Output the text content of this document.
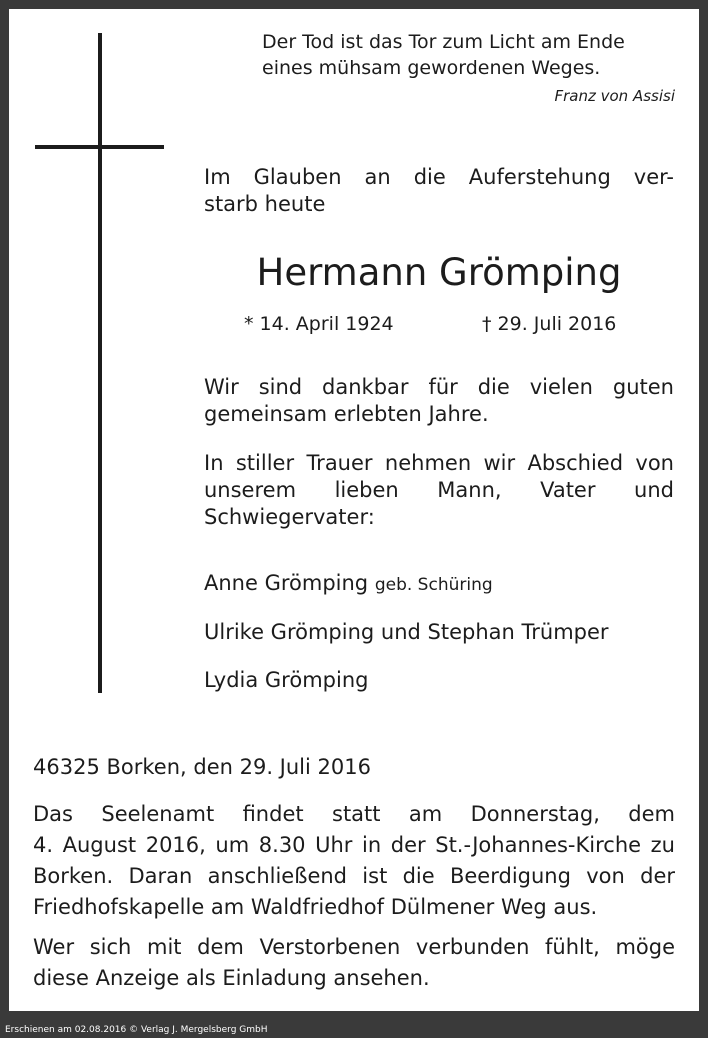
Der Tod ist das Tor zum Licht am Ende
eines mühsam gewordenen Weges.
Franz von Assisi
Im Glauben an die Auferstehung ver-
starb heute
Hermann Grömping
* 14. April 1924	† 29. Juli 2016
Wir sind dankbar für die vielen guten
gemeinsam erlebten Jahre.
In stiller Trauer nehmen wir Abschied von
unserem lieben Mann, Vater und
Schwiegervater:
Anne Grömping geb. Schüring
Ulrike Grömping und Stephan Trümper
Lydia Grömping
46325 Borken, den 29. Juli 2016
Das Seelenamt findet statt am Donnerstag, dem
4. August 2016, um 8.30 Uhr in der St.-Johannes-Kirche zu
Borken. Daran anschließend ist die Beerdigung von der
Friedhofskapelle am Waldfriedhof Dülmener Weg aus.
Wer sich mit dem Verstorbenen verbunden fühlt, möge
diese Anzeige als Einladung ansehen.
Erschienen am 02.08.2016 © Verlag J. Mergelsberg GmbH
